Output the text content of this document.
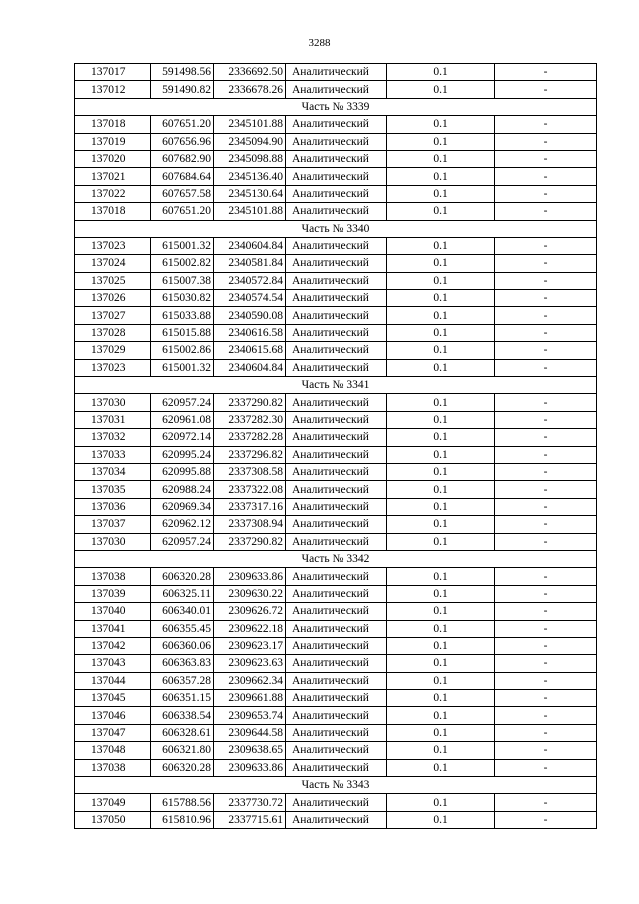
3288
137017	591498.56	2336692.50	Аналитический	0.1	-
137012	591490.82	2336678.26	Аналитический	0.1	-
Часть № 3339					
137018	607651.20	2345101.88	Аналитический	0.1	-
137019	607656.96	2345094.90	Аналитический	0.1	-
137020	607682.90	2345098.88	Аналитический	0.1	-
137021	607684.64	2345136.40	Аналитический	0.1	-
137022	607657.58	2345130.64	Аналитический	0.1	-
137018	607651.20	2345101.88	Аналитический	0.1	-
Часть № 3340					
137023	615001.32	2340604.84	Аналитический	0.1	-
137024	615002.82	2340581.84	Аналитический	0.1	-
137025	615007.38	2340572.84	Аналитический	0.1	-
137026	615030.82	2340574.54	Аналитический	0.1	-
137027	615033.88	2340590.08	Аналитический	0.1	-
137028	615015.88	2340616.58	Аналитический	0.1	-
137029	615002.86	2340615.68	Аналитический	0.1	-
137023	615001.32	2340604.84	Аналитический	0.1	-
Часть № 3341					
137030	620957.24	2337290.82	Аналитический	0.1	-
137031	620961.08	2337282.30	Аналитический	0.1	-
137032	620972.14	2337282.28	Аналитический	0.1	-
137033	620995.24	2337296.82	Аналитический	0.1	-
137034	620995.88	2337308.58	Аналитический	0.1	-
137035	620988.24	2337322.08	Аналитический	0.1	-
137036	620969.34	2337317.16	Аналитический	0.1	-
137037	620962.12	2337308.94	Аналитический	0.1	-
137030	620957.24	2337290.82	Аналитический	0.1	-
Часть № 3342					
137038	606320.28	2309633.86	Аналитический	0.1	-
137039	606325.11	2309630.22	Аналитический	0.1	-
137040	606340.01	2309626.72	Аналитический	0.1	-
137041	606355.45	2309622.18	Аналитический	0.1	-
137042	606360.06	2309623.17	Аналитический	0.1	-
137043	606363.83	2309623.63	Аналитический	0.1	-
137044	606357.28	2309662.34	Аналитический	0.1	-
137045	606351.15	2309661.88	Аналитический	0.1	-
137046	606338.54	2309653.74	Аналитический	0.1	-
137047	606328.61	2309644.58	Аналитический	0.1	-
137048	606321.80	2309638.65	Аналитический	0.1	-
137038	606320.28	2309633.86	Аналитический	0.1	-
Часть № 3343					
137049	615788.56	2337730.72	Аналитический	0.1	-
137050	615810.96	2337715.61	Аналитический	0.1	-
